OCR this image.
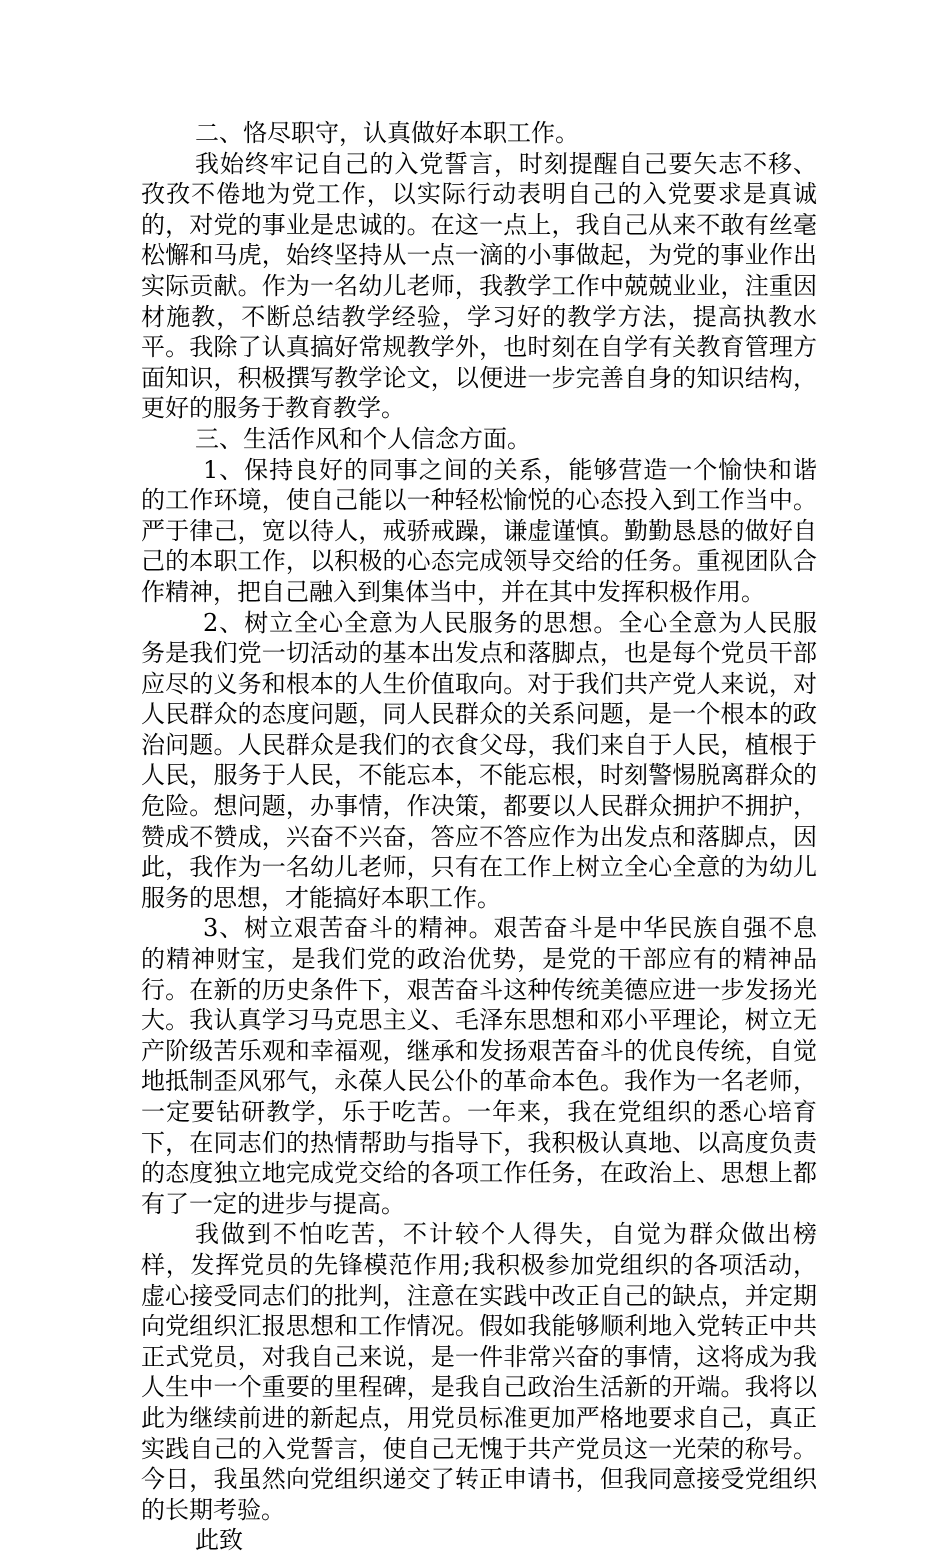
二、恪尽职守，认真做好本职工作。

我始终牢记自己的入党誓言，时刻提醒自己要矢志不移、孜孜不倦地为党工作，以实际行动表明自己的入党要求是真诚的，对党的事业是忠诚的。在这一点上，我自己从来不敢有丝毫松懈和马虎，始终坚持从一点一滴的小事做起，为党的事业作出实际贡献。作为一名幼儿老师，我教学工作中兢兢业业，注重因材施教，不断总结教学经验，学习好的教学方法，提高执教水平。我除了认真搞好常规教学外，也时刻在自学有关教育管理方面知识，积极撰写教学论文，以便进一步完善自身的知识结构，更好的服务于教育教学。

三、生活作风和个人信念方面。

1、保持良好的同事之间的关系，能够营造一个愉快和谐的工作环境，使自己能以一种轻松愉悦的心态投入到工作当中。严于律己，宽以待人，戒骄戒躁，谦虚谨慎。勤勤恳恳的做好自己的本职工作，以积极的心态完成领导交给的任务。重视团队合作精神，把自己融入到集体当中，并在其中发挥积极作用。

2、树立全心全意为人民服务的思想。全心全意为人民服务是我们党一切活动的基本出发点和落脚点，也是每个党员干部应尽的义务和根本的人生价值取向。对于我们共产党人来说，对人民群众的态度问题，同人民群众的关系问题，是一个根本的政治问题。人民群众是我们的衣食父母，我们来自于人民，植根于人民，服务于人民，不能忘本，不能忘根，时刻警惕脱离群众的危险。想问题，办事情，作决策，都要以人民群众拥护不拥护，赞成不赞成，兴奋不兴奋，答应不答应作为出发点和落脚点，因此，我作为一名幼儿老师，只有在工作上树立全心全意的为幼儿服务的思想，才能搞好本职工作。

3、树立艰苦奋斗的精神。艰苦奋斗是中华民族自强不息的精神财宝，是我们党的政治优势，是党的干部应有的精神品行。在新的历史条件下，艰苦奋斗这种传统美德应进一步发扬光大。我认真学习马克思主义、毛泽东思想和邓小平理论，树立无产阶级苦乐观和幸福观，继承和发扬艰苦奋斗的优良传统，自觉地抵制歪风邪气，永葆人民公仆的革命本色。我作为一名老师，一定要钻研教学，乐于吃苦。一年来，我在党组织的悉心培育下，在同志们的热情帮助与指导下，我积极认真地、以高度负责的态度独立地完成党交给的各项工作任务，在政治上、思想上都有了一定的进步与提高。

我做到不怕吃苦，不计较个人得失，自觉为群众做出榜样，发挥党员的先锋模范作用;我积极参加党组织的各项活动，虚心接受同志们的批判，注意在实践中改正自己的缺点，并定期向党组织汇报思想和工作情况。假如我能够顺利地入党转正中共正式党员，对我自己来说，是一件非常兴奋的事情，这将成为我人生中一个重要的里程碑，是我自己政治生活新的开端。我将以此为继续前进的新起点，用党员标准更加严格地要求自己，真正实践自己的入党誓言，使自己无愧于共产党员这一光荣的称号。今日，我虽然向党组织递交了转正申请书，但我同意接受党组织的长期考验。

此致
